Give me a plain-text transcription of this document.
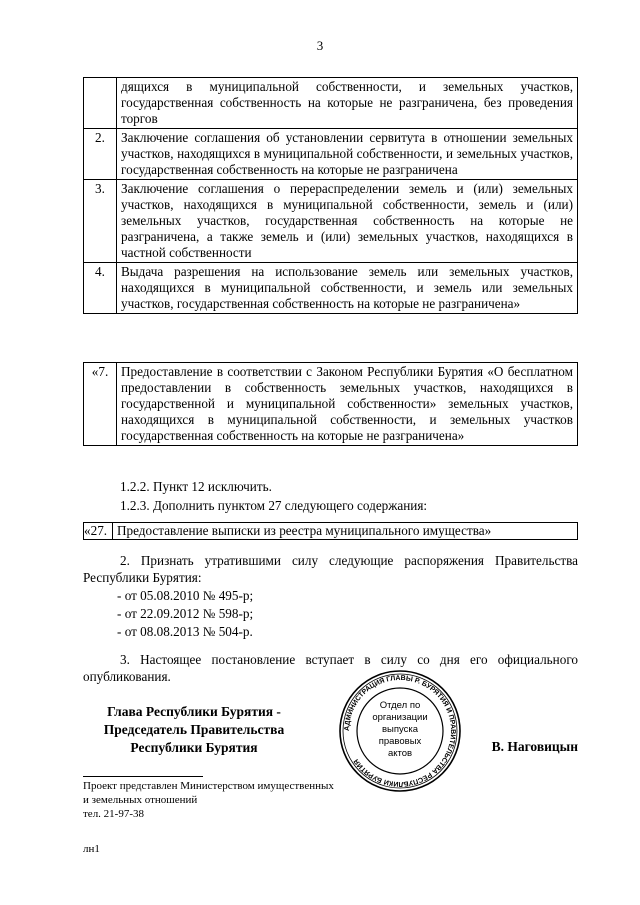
3
	дящихся в муниципальной собственности, и земельных участков, государственная собственность на которые не разграничена, без проведения торгов
2.	Заключение соглашения об установлении сервитута в отношении земельных участков, находящихся в муниципальной собственности, и земельных участков, государственная собственность на которые не разграничена
3.	Заключение соглашения о перераспределении земель и (или) земельных участков, находящихся в муниципальной собственности, земель и (или) земельных участков, государственная собственность на которые не разграничена, а также земель и (или) земельных участков, находящихся в частной собственности
4.	Выдача разрешения на использование земель или земельных участков, находящихся в муниципальной собственности, и земель или земельных участков, государственная собственность на которые не разграничена»
«7.	Предоставление в соответствии с Законом Республики Бурятия «О бесплатном предоставлении в собственность земельных участков, находящихся в государственной и муниципальной собственности» земельных участков, находящихся в муниципальной собственности, и земельных участков государственная собственность на которые не разграничена»
1.2.2. Пункт 12 исключить.
1.2.3. Дополнить пунктом 27 следующего содержания:
«27.	Предоставление выписки из реестра муниципального имущества»
2. Признать утратившими силу следующие распоряжения Правительства Республики Бурятия:
- от 05.08.2010 № 495-р;
- от 22.09.2012 № 598-р;
- от 08.08.2013 № 504-р.
3. Настоящее постановление вступает в силу со дня его официального опубликования.
Глава Республики Бурятия -
Председатель Правительства
Республики Бурятия
АДМИНИСТРАЦИЯ ГЛАВЫ Р. БУРЯТИЯ И ПРАВИТЕЛЬСТВА РЕСПУБЛИКИ БУРЯТИЯ
Отдел по
организации
выпуска
правовых
актов	В. Наговицын
Проект представлен Министерством имущественных
и земельных отношений
тел. 21-97-38
лн1
